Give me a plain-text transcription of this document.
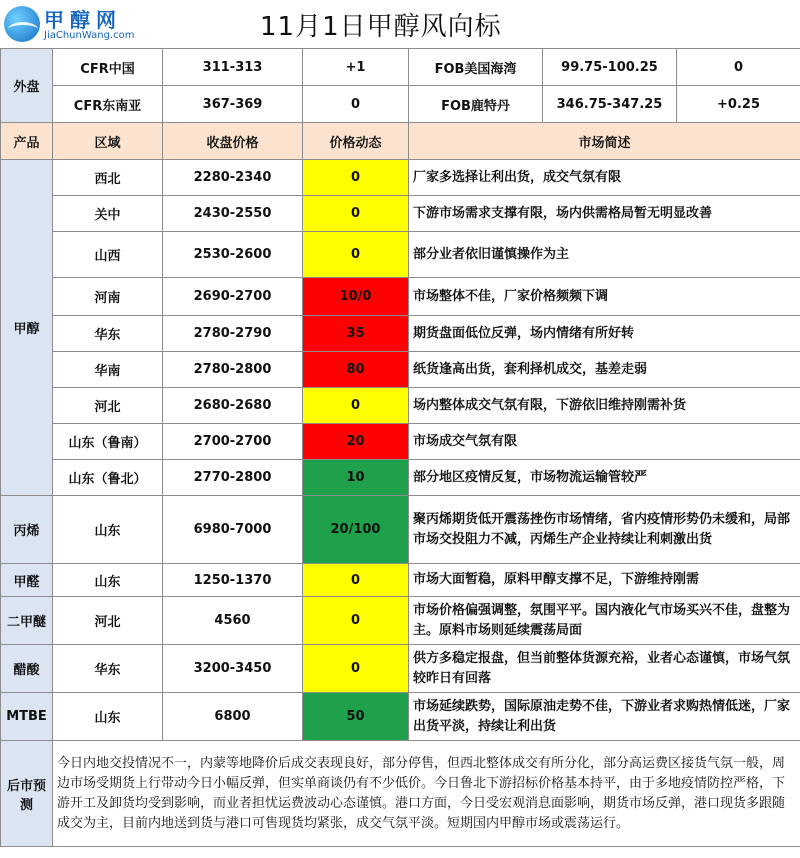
甲醇网
JiaChunWang.com	11月1日甲醇风向标
外盘	CFR中国	311-313	+1	FOB美国海湾	99.75-100.25	0
	CFR东南亚	367-369	0	FOB鹿特丹	346.75-347.25	+0.25
产品	区域	收盘价格	价格动态	市场简述		
甲醇	西北	2280-2340	0	厂家多选择让利出货，成交气氛有限		
	关中	2430-2550	0	下游市场需求支撑有限，场内供需格局暂无明显改善		
	山西	2530-2600	0	部分业者依旧谨慎操作为主		
	河南	2690-2700	10/0	市场整体不佳，厂家价格频频下调		
	华东	2780-2790	35	期货盘面低位反弹，场内情绪有所好转		
	华南	2780-2800	80	纸货逢高出货，套利择机成交，基差走弱		
	河北	2680-2680	0	场内整体成交气氛有限，下游依旧维持刚需补货		
	山东（鲁南）	2700-2700	20	市场成交气氛有限		
	山东（鲁北）	2770-2800	10	部分地区疫情反复，市场物流运输管较严		
丙烯	山东	6980-7000	20/100	聚丙烯期货低开震荡挫伤市场情绪，省内疫情形势仍未缓和，局部市场交投阻力不减，丙烯生产企业持续让利刺激出货		
甲醛	山东	1250-1370	0	市场大面暂稳，原料甲醇支撑不足，下游维持刚需		
二甲醚	河北	4560	0	市场价格偏强调整，氛围平平。国内液化气市场买兴不佳，盘整为主。原料市场则延续震荡局面		
醋酸	华东	3200-3450	0	供方多稳定报盘，但当前整体货源充裕，业者心态谨慎，市场气氛较昨日有回落		
MTBE	山东	6800	50	市场延续跌势，国际原油走势不佳，下游业者求购热情低迷，厂家出货平淡，持续让利出货		
后市预测	今日内地交投情况不一，内蒙等地降价后成交表现良好，部分停售，但西北整体成交有所分化，部分高运费区接货气氛一般，周边市场受期货上行带动今日小幅反弹，但实单商谈仍有不少低价。今日鲁北下游招标价格基本持平，由于多地疫情防控严格，下游开工及卸货均受到影响，而业者担忧运费波动心态谨慎。港口方面，今日受宏观消息面影响，期货市场反弹，港口现货多跟随成交为主，目前内地送到货与港口可售现货均紧张，成交气氛平淡。短期国内甲醇市场或震荡运行。					
